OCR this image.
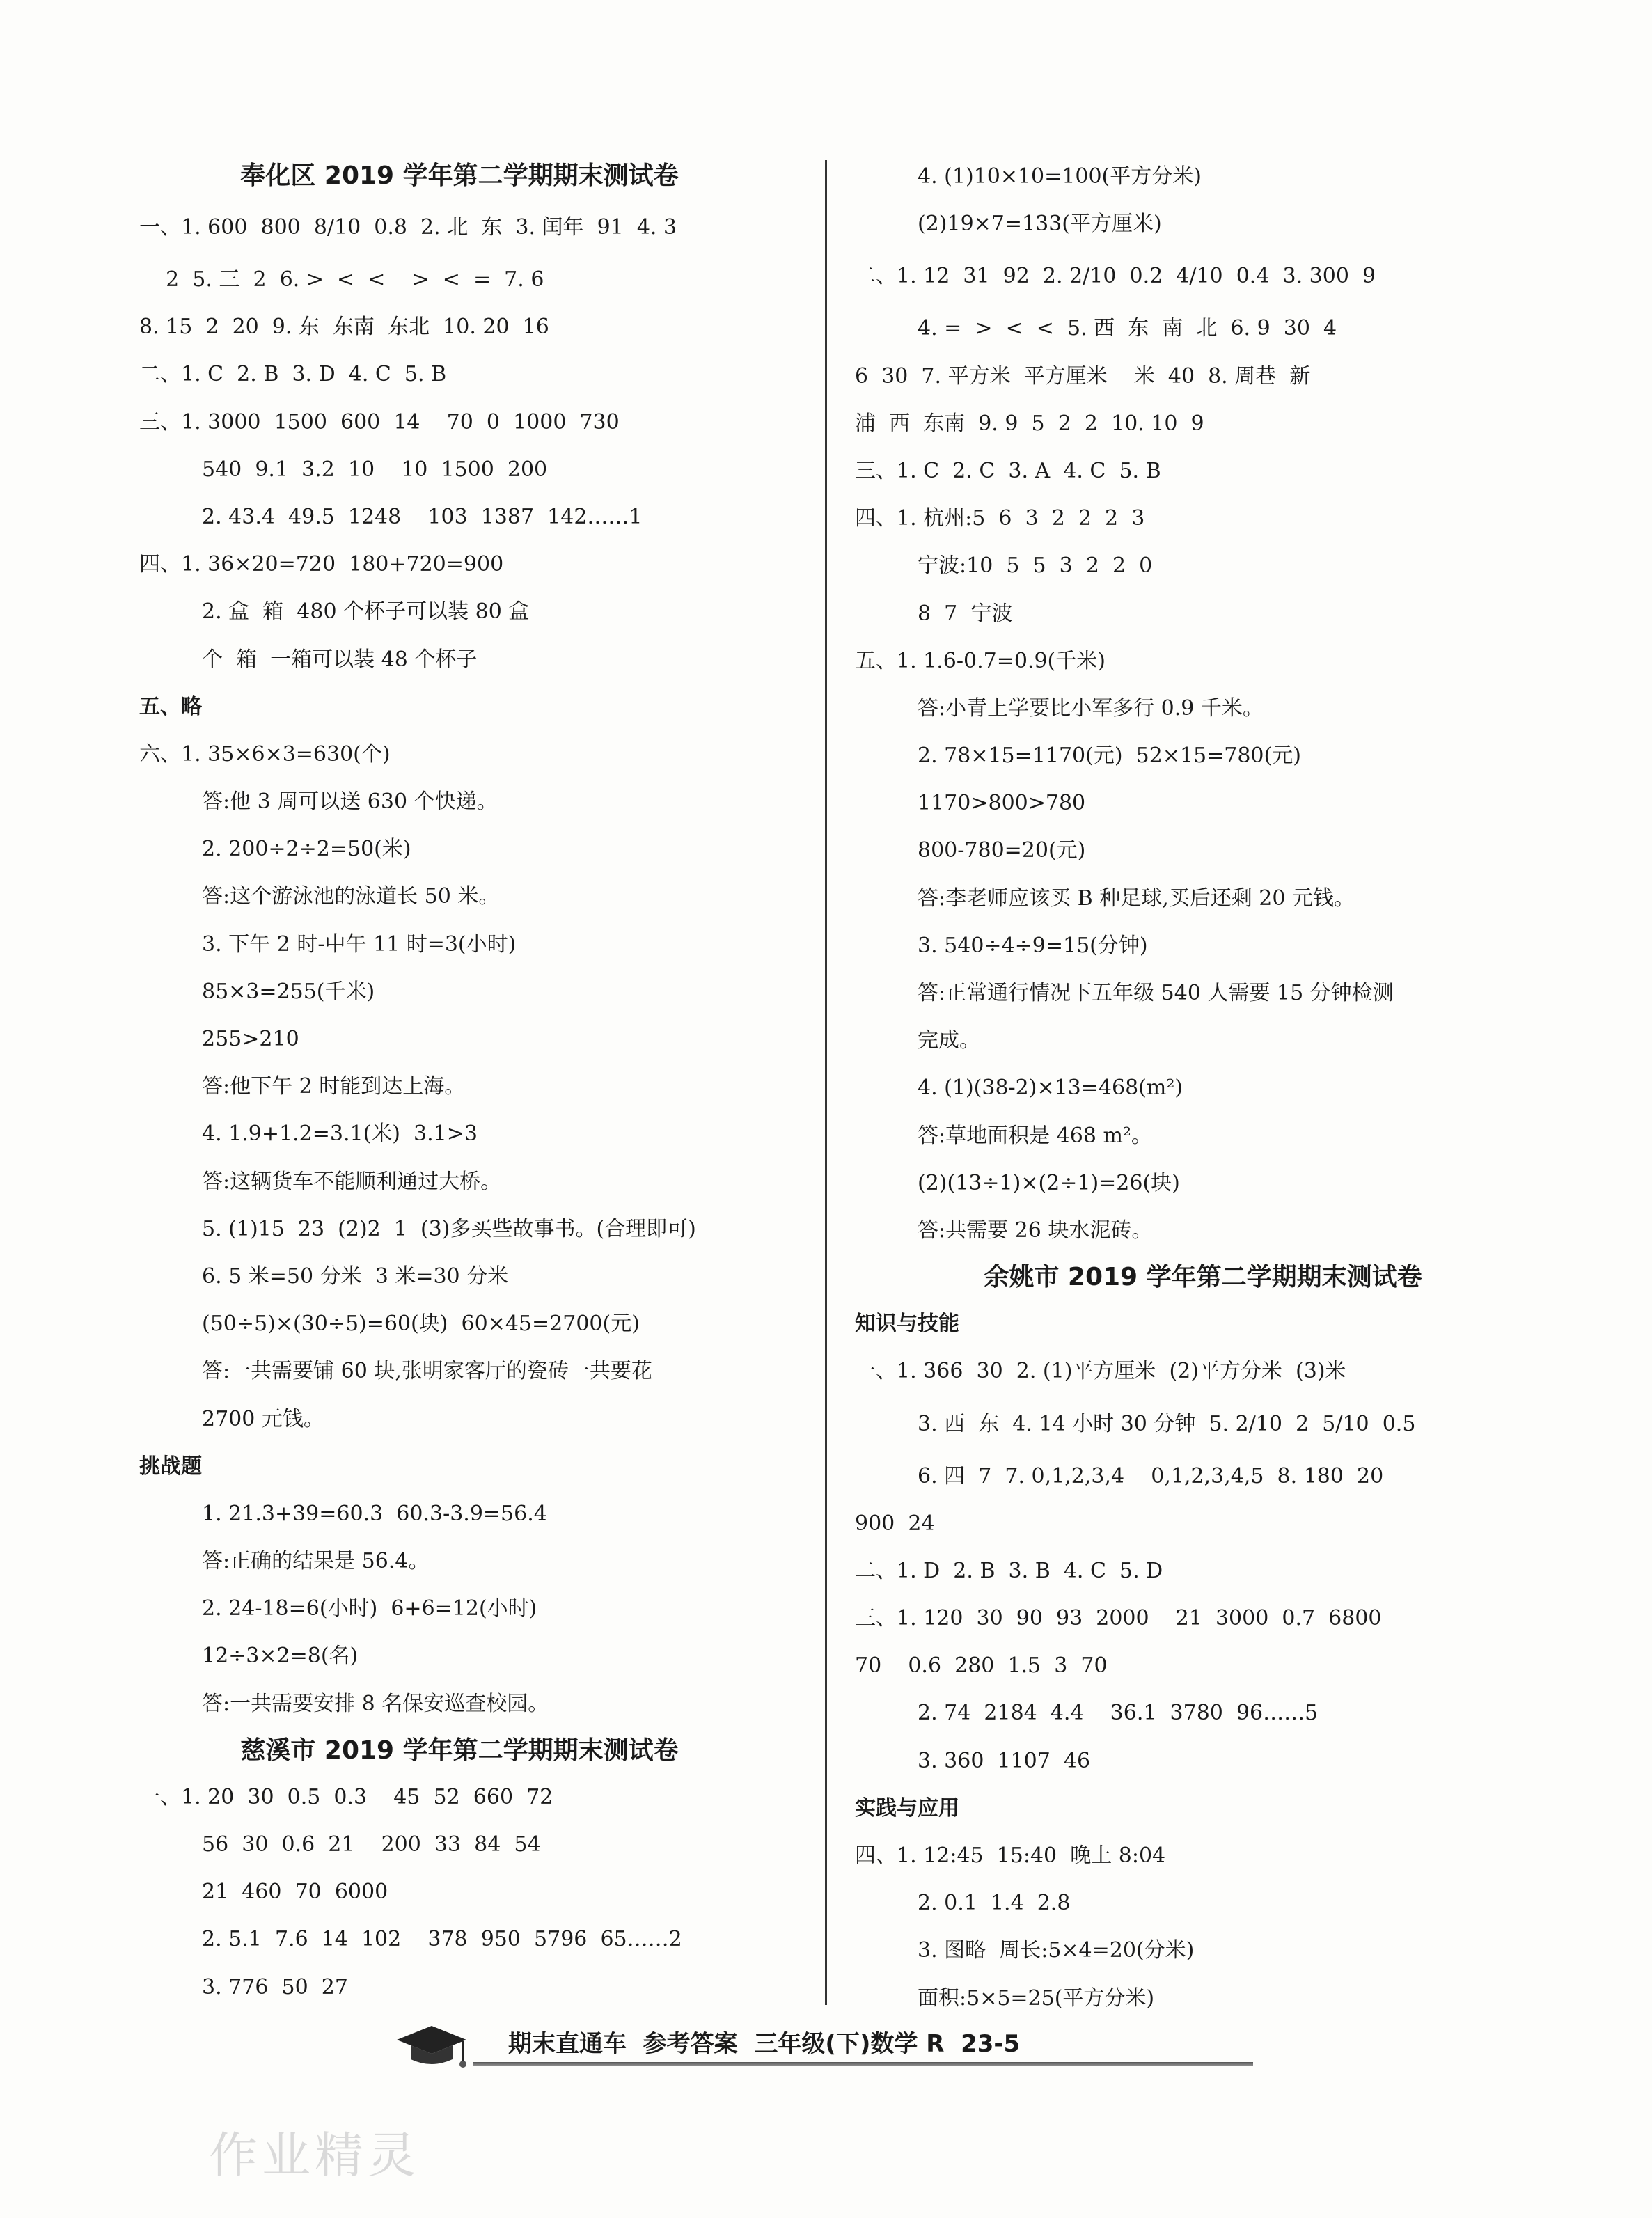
奉化区 2019 学年第二学期期末测试卷
一、1. 600  800  8/10  0.8  2. 北  东  3. 闰年  91  4. 3
2  5. 三  2  6. >  <  <    >  <  =  7. 6
8. 15  2  20  9. 东  东南  东北  10. 20  16
二、1. C  2. B  3. D  4. C  5. B
三、1. 3000  1500  600  14    70  0  1000  730
540  9.1  3.2  10    10  1500  200
2. 43.4  49.5  1248    103  1387  142……1
四、1. 36×20=720  180+720=900
2. 盒  箱  480 个杯子可以装 80 盒
个  箱  一箱可以装 48 个杯子
五、略
六、1. 35×6×3=630(个)
答:他 3 周可以送 630 个快递。
2. 200÷2÷2=50(米)
答:这个游泳池的泳道长 50 米。
3. 下午 2 时-中午 11 时=3(小时)
85×3=255(千米)
255>210
答:他下午 2 时能到达上海。
4. 1.9+1.2=3.1(米)  3.1>3
答:这辆货车不能顺利通过大桥。
5. (1)15  23  (2)2  1  (3)多买些故事书。(合理即可)
6. 5 米=50 分米  3 米=30 分米
(50÷5)×(30÷5)=60(块)  60×45=2700(元)
答:一共需要铺 60 块,张明家客厅的瓷砖一共要花
2700 元钱。
挑战题
1. 21.3+39=60.3  60.3-3.9=56.4
答:正确的结果是 56.4。
2. 24-18=6(小时)  6+6=12(小时)
12÷3×2=8(名)
答:一共需要安排 8 名保安巡查校园。
慈溪市 2019 学年第二学期期末测试卷
一、1. 20  30  0.5  0.3    45  52  660  72
56  30  0.6  21    200  33  84  54
21  460  70  6000
2. 5.1  7.6  14  102    378  950  5796  65……2
3. 776  50  27
4. (1)10×10=100(平方分米)
(2)19×7=133(平方厘米)
二、1. 12  31  92  2. 2/10  0.2  4/10  0.4  3. 300  9
4. =  >  <  <  5. 西  东  南  北  6. 9  30  4
6  30  7. 平方米  平方厘米    米  40  8. 周巷  新
浦  西  东南  9. 9  5  2  2  10. 10  9
三、1. C  2. C  3. A  4. C  5. B
四、1. 杭州:5  6  3  2  2  2  3
宁波:10  5  5  3  2  2  0
8  7  宁波
五、1. 1.6-0.7=0.9(千米)
答:小青上学要比小军多行 0.9 千米。
2. 78×15=1170(元)  52×15=780(元)
1170>800>780
800-780=20(元)
答:李老师应该买 B 种足球,买后还剩 20 元钱。
3. 540÷4÷9=15(分钟)
答:正常通行情况下五年级 540 人需要 15 分钟检测
完成。
4. (1)(38-2)×13=468(m²)
答:草地面积是 468 m²。
(2)(13÷1)×(2÷1)=26(块)
答:共需要 26 块水泥砖。
余姚市 2019 学年第二学期期末测试卷
知识与技能
一、1. 366  30  2. (1)平方厘米  (2)平方分米  (3)米
3. 西  东  4. 14 小时 30 分钟  5. 2/10  2  5/10  0.5
6. 四  7  7. 0,1,2,3,4    0,1,2,3,4,5  8. 180  20
900  24
二、1. D  2. B  3. B  4. C  5. D
三、1. 120  30  90  93  2000    21  3000  0.7  6800
70    0.6  280  1.5  3  70
2. 74  2184  4.4    36.1  3780  96……5
3. 360  1107  46
实践与应用
四、1. 12:45  15:40  晚上 8:04
2. 0.1  1.4  2.8
3. 图略  周长:5×4=20(分米)
面积:5×5=25(平方分米)
期末直通车  参考答案  三年级(下)数学 R  23-5
作业精灵
